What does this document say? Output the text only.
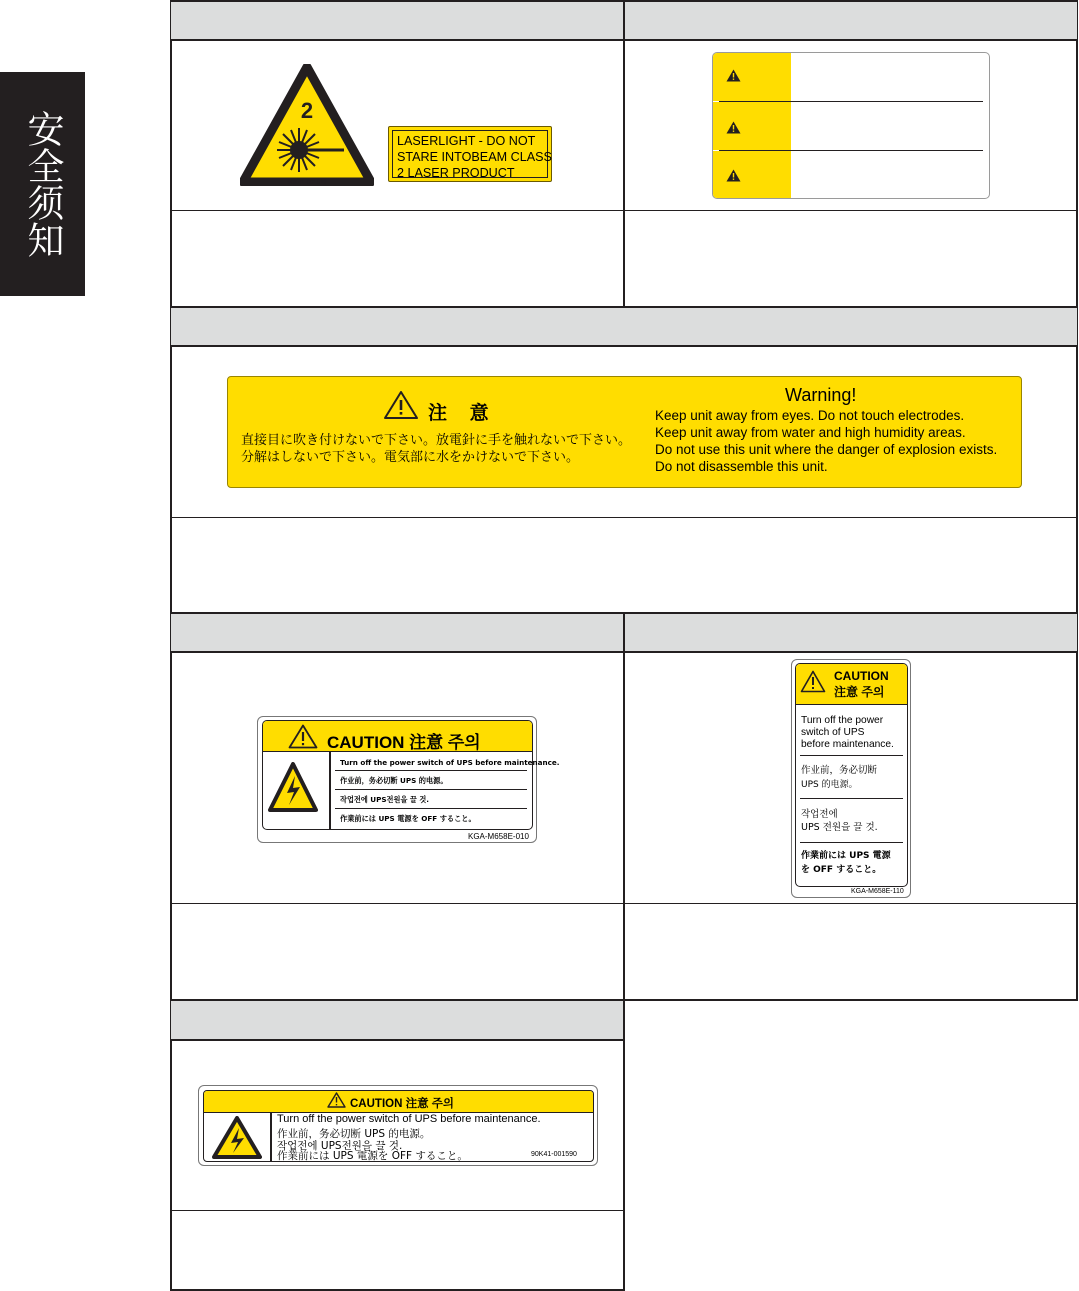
安全须知	2
90K41-001810
LASERLIGHT - DO NOT
STARE INTOBEAM CLASS
2 LASER PRODUCT
注 意
直接目に吹き付けないで下さい。放電針に手を触れないで下さい。
分解はしないで下さい。電気部に水をかけないで下さい。
Warning!
Keep unit away from eyes. Do not touch electrodes.
Keep unit away from water and high humidity areas.
Do not use this unit where the danger of explosion exists.
Do not disassemble this unit.
CAUTION 注意 주의
Turn off the power switch of UPS before maintenance.
作业前，务必切断 UPS 的电源。
작업전에 UPS전원을 끌 것.
作業前には UPS 電源を OFF すること。
KGA-M658E-010
CAUTION
注意 주의
Turn off the power
switch of UPS
before maintenance.
作业前，务必切断
UPS 的电源。
작업전에
UPS 전원을 끌 것.
作業前には UPS 電源
を OFF すること。
KGA-M658E-110
CAUTION 注意 주의
Turn off the power switch of UPS before maintenance.
作业前，务必切断 UPS 的电源。
작업전에 UPS전원을 끌 것.
作業前には UPS 電源を OFF すること。	90K41-001590
